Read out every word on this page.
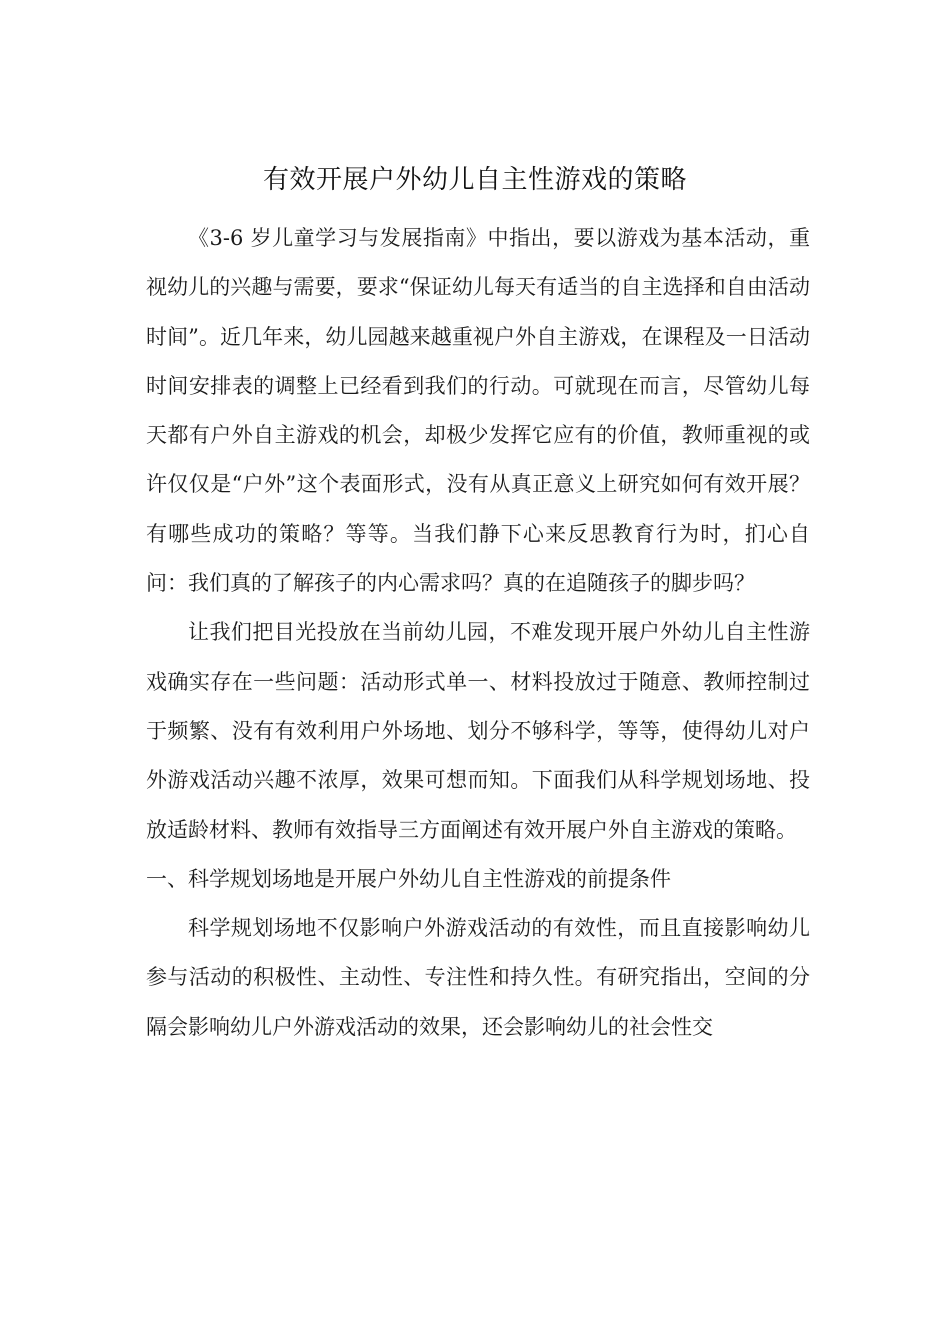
有效开展户外幼儿自主性游戏的策略

《3-6 岁儿童学习与发展指南》中指出，要以游戏为基本活动，重视幼儿的兴趣与需要，要求“保证幼儿每天有适当的自主选择和自由活动时间”。近几年来，幼儿园越来越重视户外自主游戏，在课程及一日活动时间安排表的调整上已经看到我们的行动。可就现在而言，尽管幼儿每天都有户外自主游戏的机会，却极少发挥它应有的价值，教师重视的或许仅仅是“户外”这个表面形式，没有从真正意义上研究如何有效开展？有哪些成功的策略？等等。当我们静下心来反思教育行为时，扪心自问：我们真的了解孩子的内心需求吗？真的在追随孩子的脚步吗？

让我们把目光投放在当前幼儿园，不难发现开展户外幼儿自主性游戏确实存在一些问题：活动形式单一、材料投放过于随意、教师控制过于频繁、没有有效利用户外场地、划分不够科学，等等，使得幼儿对户外游戏活动兴趣不浓厚，效果可想而知。下面我们从科学规划场地、投放适龄材料、教师有效指导三方面阐述有效开展户外自主游戏的策略。

一、科学规划场地是开展户外幼儿自主性游戏的前提条件

科学规划场地不仅影响户外游戏活动的有效性，而且直接影响幼儿参与活动的积极性、主动性、专注性和持久性。有研究指出，空间的分隔会影响幼儿户外游戏活动的效果，还会影响幼儿的社会性交
